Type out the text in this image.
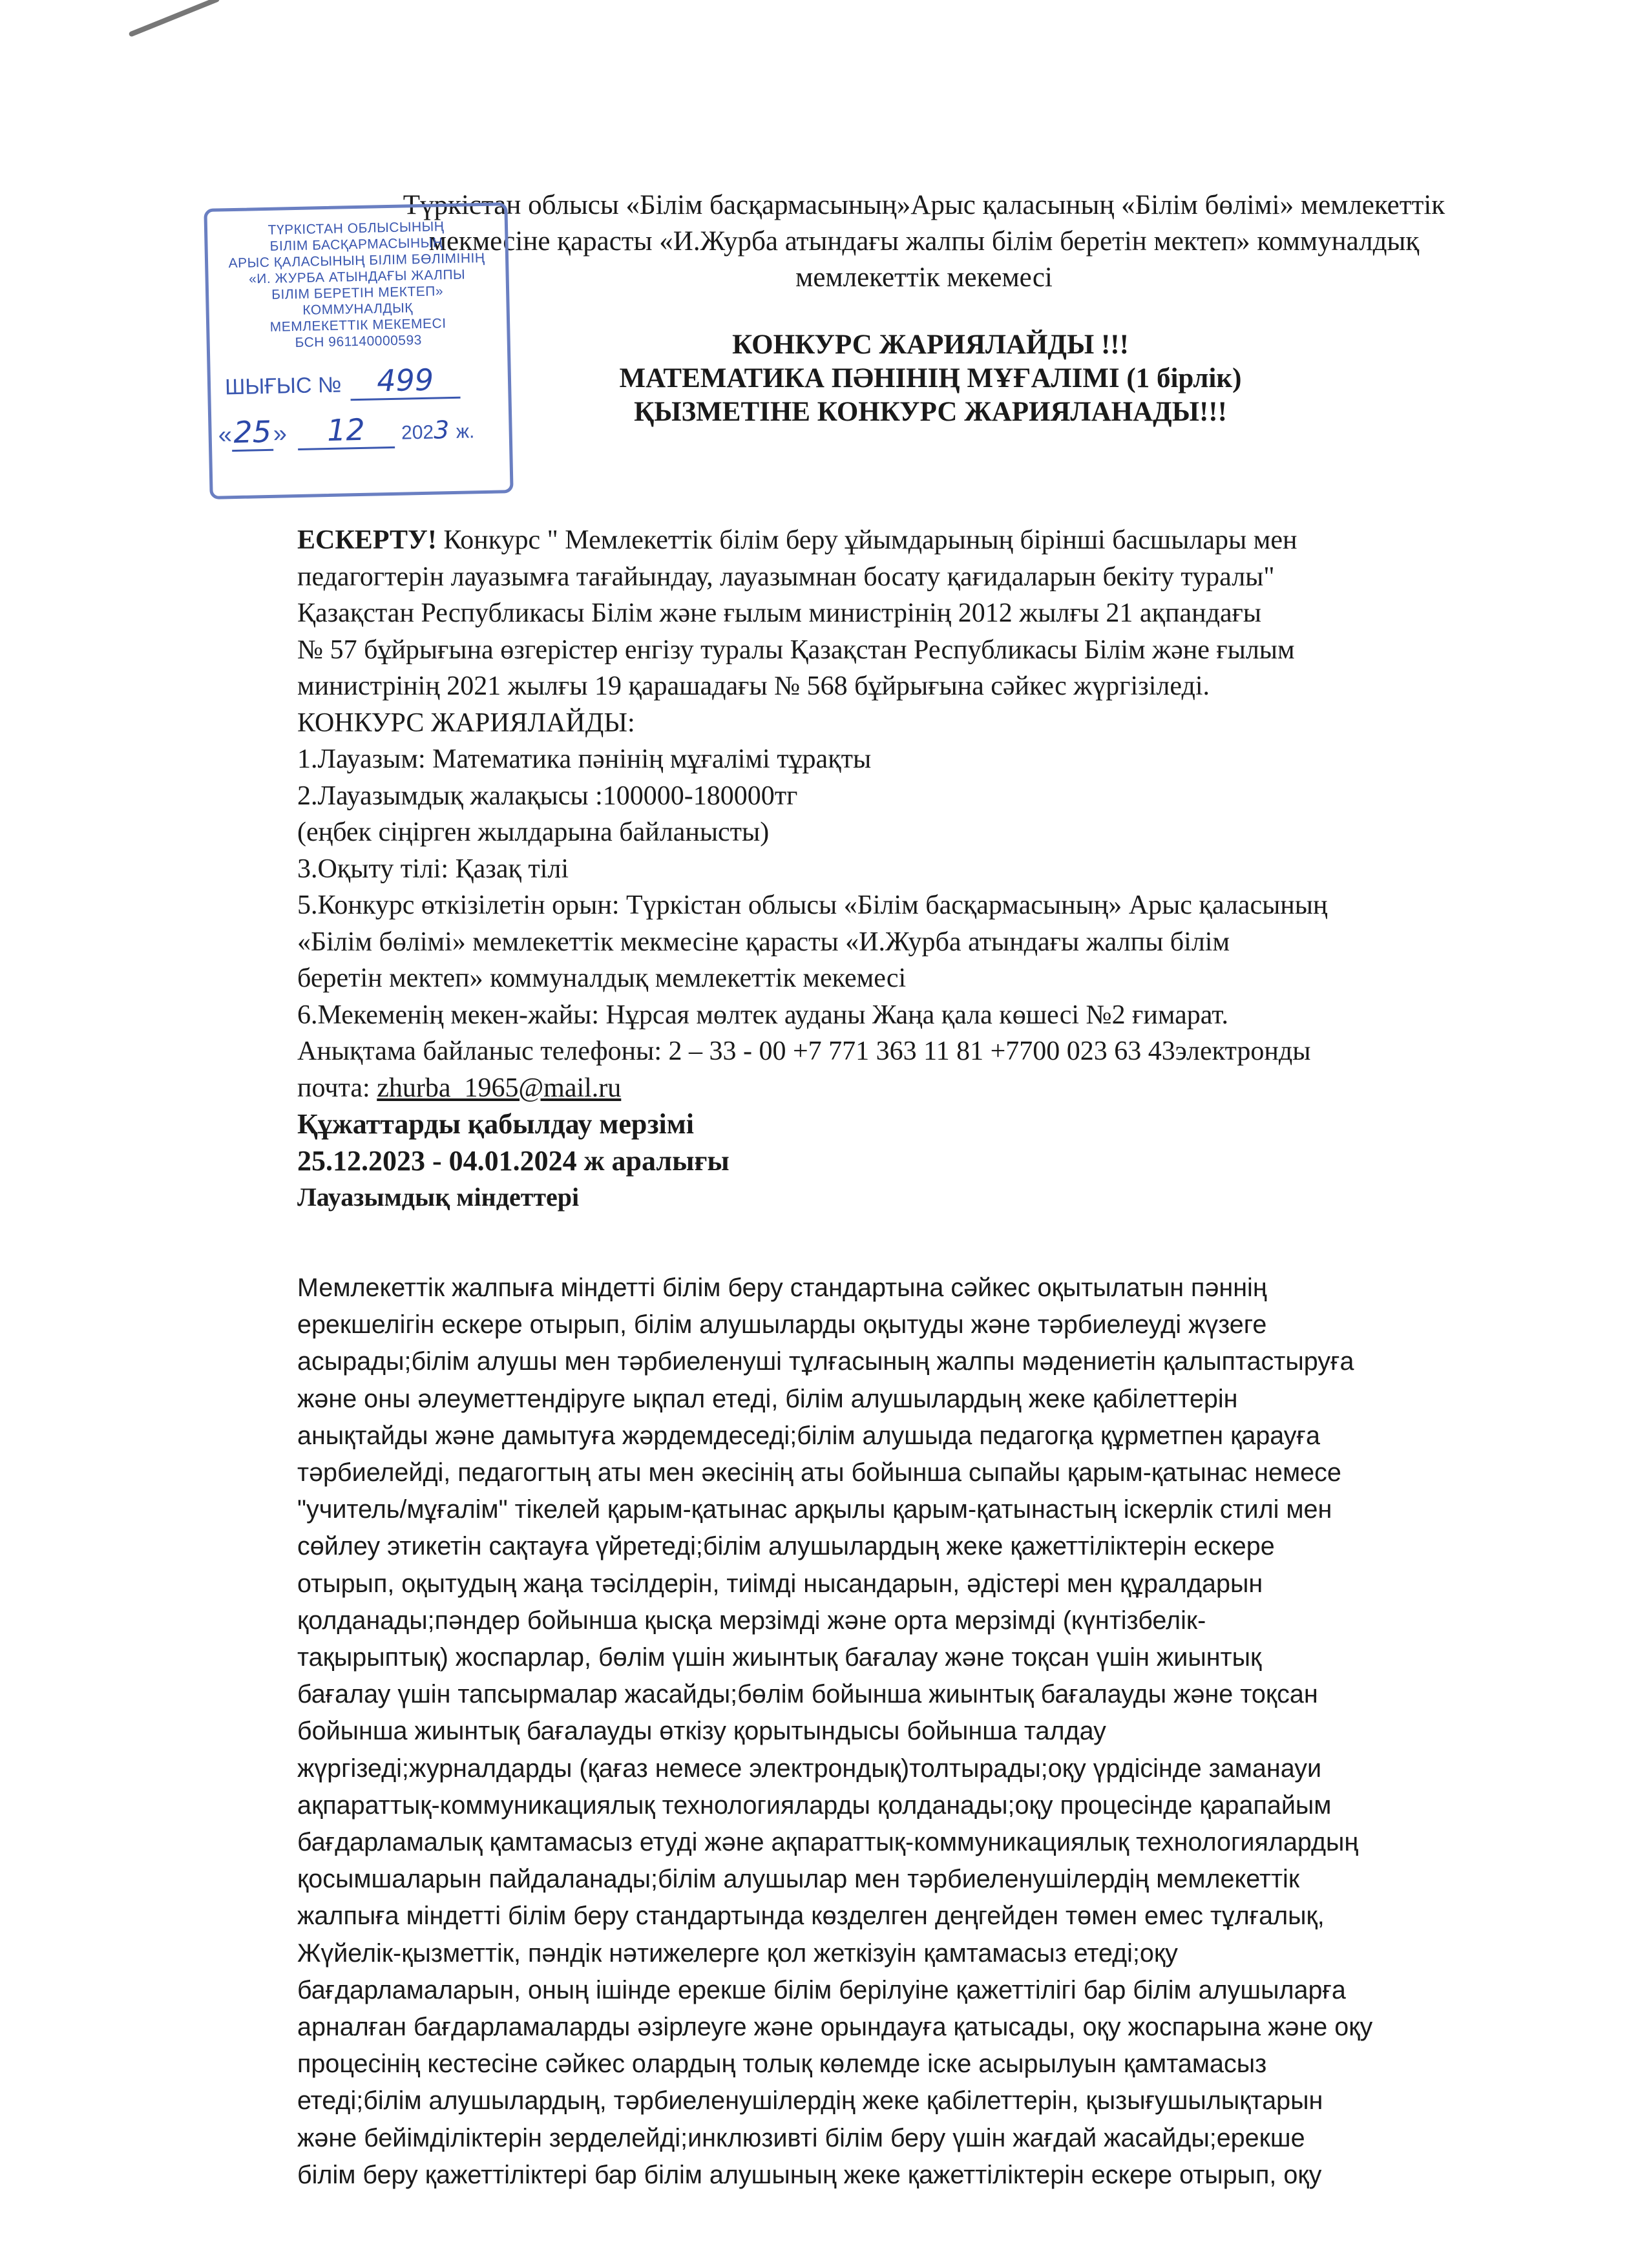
Түркістан облысы «Білім басқармасының»Арыс қаласының «Білім бөлімі» мемлекеттік
мекмесіне қарасты «И.Журба атындағы жалпы білім беретін мектеп» коммуналдық
мемлекеттік мекемесі
ТҮРКІСТАН ОБЛЫСЫНЫҢ
БІЛІМ БАСҚАРМАСЫНЫҢ
АРЫС ҚАЛАСЫНЫҢ БІЛІМ БӨЛІМІНІҢ
«И. ЖУРБА АТЫНДАҒЫ ЖАЛПЫ
БІЛІМ БЕРЕТІН МЕКТЕП»
КОММУНАЛДЫҚ
МЕМЛЕКЕТТІК МЕКЕМЕСІ
БСН 961140000593
ШЫҒЫС № 499
«25» 12 2023 ж.
КОНКУРС ЖАРИЯЛАЙДЫ !!!
МАТЕМАТИКА ПӘНІНІҢ МҰҒАЛІМІ (1 бірлік)
ҚЫЗМЕТІНЕ КОНКУРС ЖАРИЯЛАНАДЫ!!!
ЕСКЕРТУ! Конкурс " Мемлекеттік білім беру ұйымдарының бірінші басшылары мен
педагогтерін лауазымға тағайындау, лауазымнан босату қағидаларын бекіту туралы"
Қазақстан Республикасы Білім және ғылым министрінің 2012 жылғы 21 ақпандағы
№ 57 бұйрығына өзгерістер енгізу туралы Қазақстан Республикасы Білім және ғылым
министрінің 2021 жылғы 19 қарашадағы № 568 бұйрығына сәйкес жүргізіледі.
КОНКУРС ЖАРИЯЛАЙДЫ:
1.Лауазым: Математика пәнінің мұғалімі тұрақты
2.Лауазымдық жалақысы :100000-180000тг
(еңбек сіңірген жылдарына байланысты)
3.Оқыту тілі: Қазақ тілі
5.Конкурс өткізілетін орын: Түркістан облысы «Білім басқармасының» Арыс қаласының
«Білім бөлімі» мемлекеттік мекмесіне қарасты «И.Журба атындағы жалпы білім
беретін мектеп» коммуналдық мемлекеттік мекемесі
6.Мекеменің мекен-жайы: Нұрсая мөлтек ауданы Жаңа қала көшесі №2 ғимарат.
Анықтама байланыс телефоны: 2 – 33 - 00 +7 771 363 11 81 +7700 023 63 43электронды
почта: zhurba_1965@mail.ru
Құжаттарды қабылдау мерзімі
25.12.2023 - 04.01.2024 ж аралығы
Лауазымдық міндеттері
Мемлекеттік жалпыға міндетті білім беру стандартына сәйкес оқытылатын пәннің
ерекшелігін ескере отырып, білім алушыларды оқытуды және тәрбиелеуді жүзеге
асырады;білім алушы мен тәрбиеленуші тұлғасының жалпы мәдениетін қалыптастыруға
және оны әлеуметтендіруге ықпал етеді, білім алушылардың жеке қабілеттерін
анықтайды және дамытуға жәрдемдеседі;білім алушыда педагогқа құрметпен қарауға
тәрбиелейді, педагогтың аты мен әкесінің аты бойынша сыпайы қарым-қатынас немесе
"учитель/мұғалім" тікелей қарым-қатынас арқылы қарым-қатынастың іскерлік стилі мен
сөйлеу этикетін сақтауға үйретеді;білім алушылардың жеке қажеттіліктерін ескере
отырып, оқытудың жаңа тәсілдерін, тиімді нысандарын, әдістері мен құралдарын
қолданады;пәндер бойынша қысқа мерзімді және орта мерзімді (күнтізбелік-
тақырыптық) жоспарлар, бөлім үшін жиынтық бағалау және тоқсан үшін жиынтық
бағалау үшін тапсырмалар жасайды;бөлім бойынша жиынтық бағалауды және тоқсан
бойынша жиынтық бағалауды өткізу қорытындысы бойынша талдау
жүргізеді;журналдарды (қағаз немесе электрондық)толтырады;оқу үрдісінде заманауи
ақпараттық-коммуникациялық технологияларды қолданады;оқу процесінде қарапайым
бағдарламалық қамтамасыз етуді және ақпараттық-коммуникациялық технологиялардың
қосымшаларын пайдаланады;білім алушылар мен тәрбиеленушілердің мемлекеттік
жалпыға міндетті білім беру стандартында көзделген деңгейден төмен емес тұлғалық,
Жүйелік-қызметтік, пәндік нәтижелерге қол жеткізуін қамтамасыз етеді;оқу
бағдарламаларын, оның ішінде ерекше білім берілуіне қажеттілігі бар білім алушыларға
арналған бағдарламаларды әзірлеуге және орындауға қатысады, оқу жоспарына және оқу
процесінің кестесіне сәйкес олардың толық көлемде іске асырылуын қамтамасыз
етеді;білім алушылардың, тәрбиеленушілердің жеке қабілеттерін, қызығушылықтарын
және бейімділіктерін зерделейді;инклюзивті білім беру үшін жағдай жасайды;ерекше
білім беру қажеттіліктері бар білім алушының жеке қажеттіліктерін ескере отырып, оқу
